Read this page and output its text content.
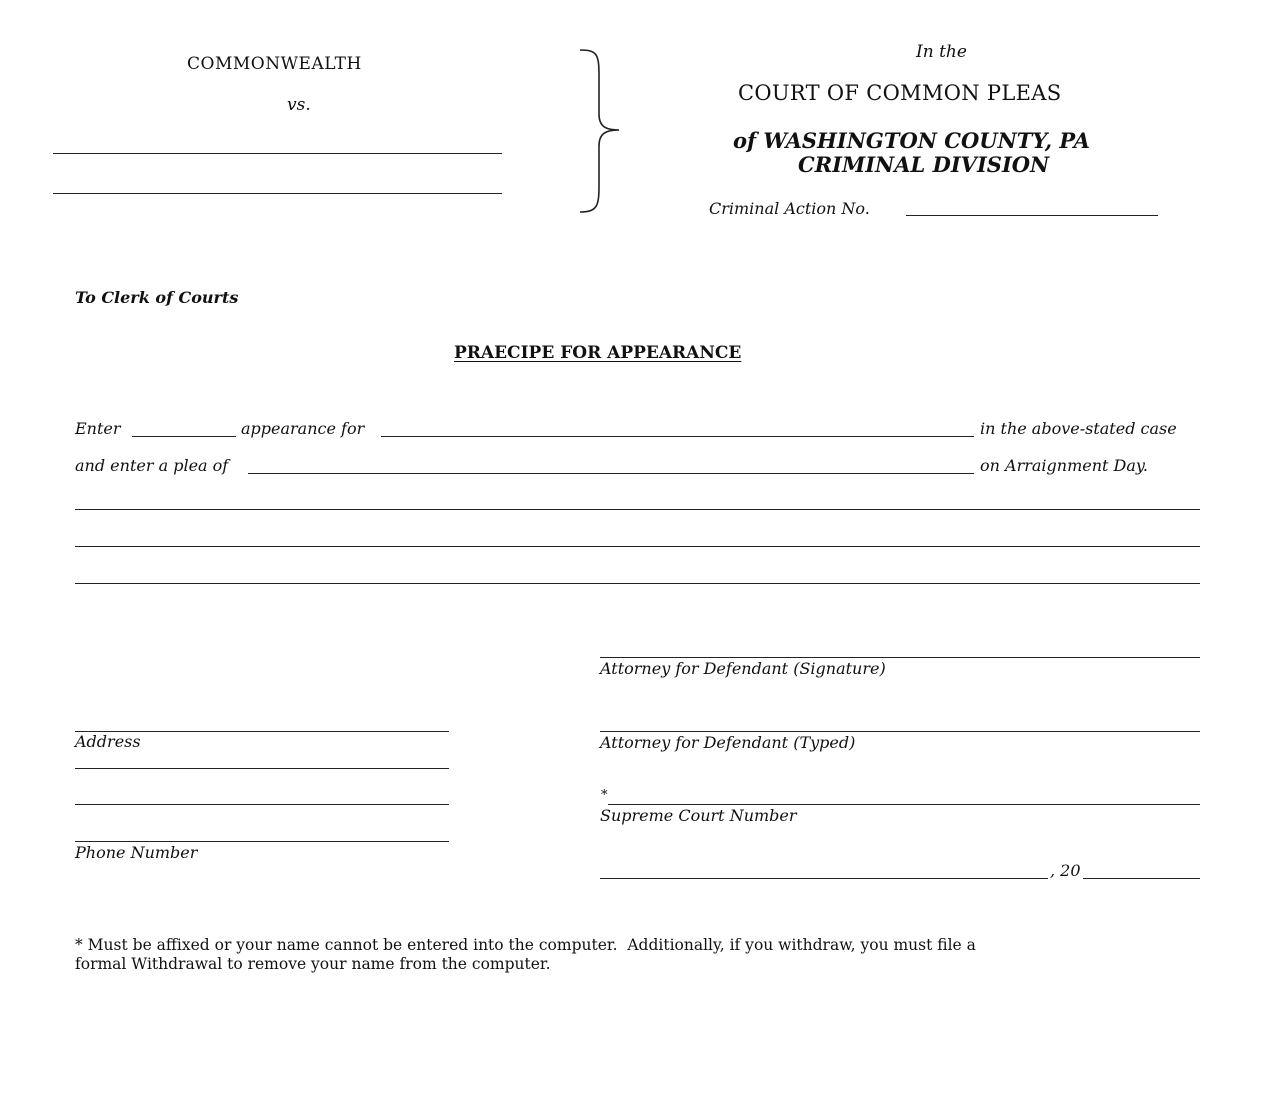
COMMONWEALTH
vs.
In the
COURT OF COMMON PLEAS
of WASHINGTON COUNTY, PA
CRIMINAL DIVISION
Criminal Action No.
To Clerk of Courts
PRAECIPE FOR APPEARANCE
Enter	appearance for	in the above-stated case
and enter a plea of	on Arraignment Day.
Attorney for Defendant (Signature)
Attorney for Defendant (Typed)
*
Supreme Court Number
, 20
Address
Phone Number
* Must be affixed or your name cannot be entered into the computer.  Additionally, if you withdraw, you must file a
formal Withdrawal to remove your name from the computer.
